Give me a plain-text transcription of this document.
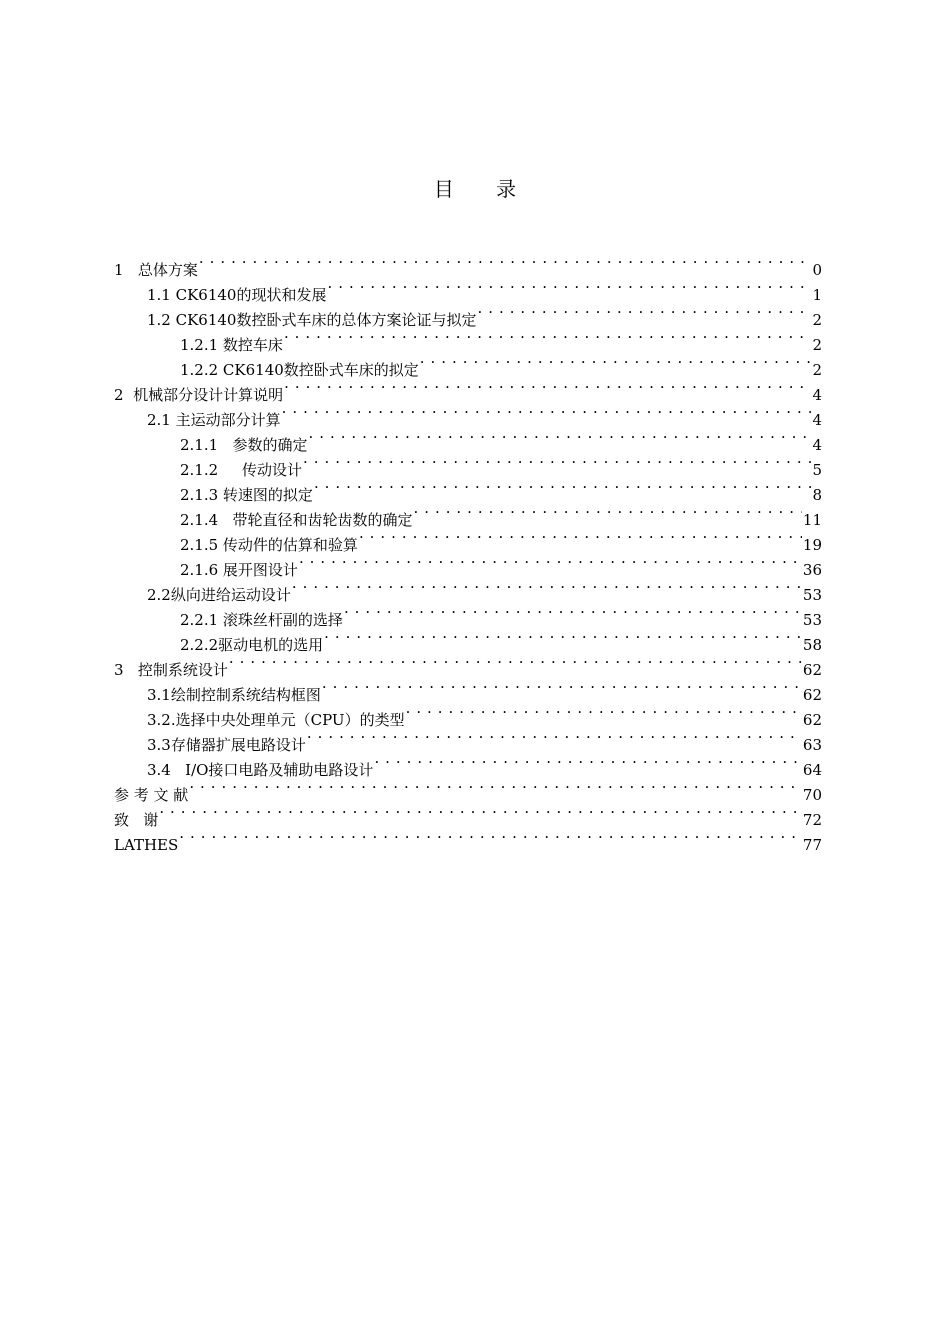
目 录
1   总体方案 · · ·	0
1.1 CK6140的现状和发展 · · ·	1
1.2 CK6140数控卧式车床的总体方案论证与拟定 · · ·	2
1.2.1 数控车床 · · ·	2
1.2.2 CK6140数控卧式车床的拟定 · · ·	2
2  机械部分设计计算说明 · · ·	4
2.1 主运动部分计算 · · ·	4
2.1.1   参数的确定 · · ·	4
2.1.2     传动设计 · · ·	5
2.1.3 转速图的拟定 · · ·	8
2.1.4   带轮直径和齿轮齿数的确定 · · ·	11
2.1.5 传动件的估算和验算 · · ·	19
2.1.6 展开图设计 · · ·	36
2.2纵向进给运动设计 · · ·	53
2.2.1 滚珠丝杆副的选择 · · ·	53
2.2.2驱动电机的选用 · · ·	58
3   控制系统设计 · · ·	62
3.1绘制控制系统结构框图 · · ·	62
3.2.选择中央处理单元（CPU）的类型 · · ·	62
3.3存储器扩展电路设计 · · ·	63
3.4   I/O接口电路及辅助电路设计 · · ·	64
参 考 文 献 · · ·	70
致   谢 · · ·	72
LATHES · · ·	77
